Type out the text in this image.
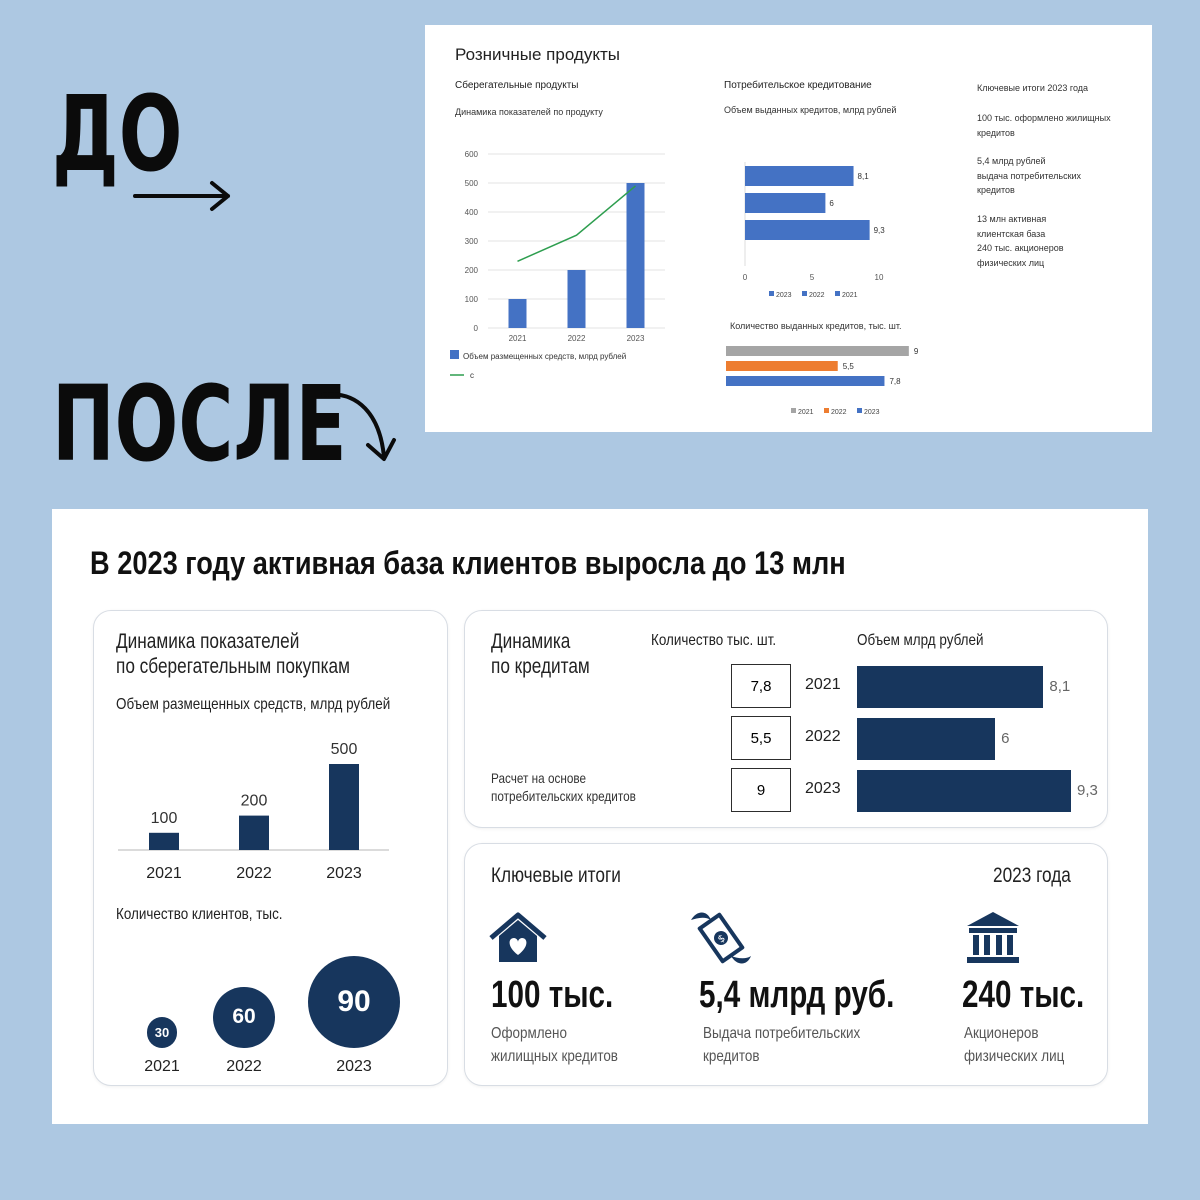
ДО
ПОСЛЕ
Розничные продукты
Сберегательные продукты
Динамика показателей по продукту
0
100
200
300
400
500
600
2021	2022	2023
Объем размещенных средств, млрд рублей
с
Потребительское кредитование
Объем выданных кредитов, млрд рублей
8,1
6
9,3
0	5	10
2023 2022 2021
Количество выданных кредитов, тыс. шт.
9
5,5
7,8
2021 2022 2023
Ключевые итоги 2023 года
100 тыс. оформлено жилищных
кредитов
5,4 млрд рублей
выдача потребительских
кредитов
13 млн активная
клиентская база
240 тыс. акционеров
физических лиц
В 2023 году активная база клиентов выросла до 13 млн
Динамика показателей
по сберегательным покупкам
Объем размещенных средств, млрд рублей
100
2021
200
2022
500
2023
Количество клиентов, тыс.
30
2021
60
2022
90
2023
Динамика
по кредитам
Количество тыс. шт.	Объем млрд рублей
Расчет на основе
потребительских кредитов
7,8	2021	8,1
5,5	2022	6
9	2023	9,3
Ключевые итоги	2023 года
100 тыс.
Оформлено
жилищных кредитов
$
5,4 млрд руб.
Выдача потребительских
кредитов
240 тыс.
Акционеров
физических лиц
